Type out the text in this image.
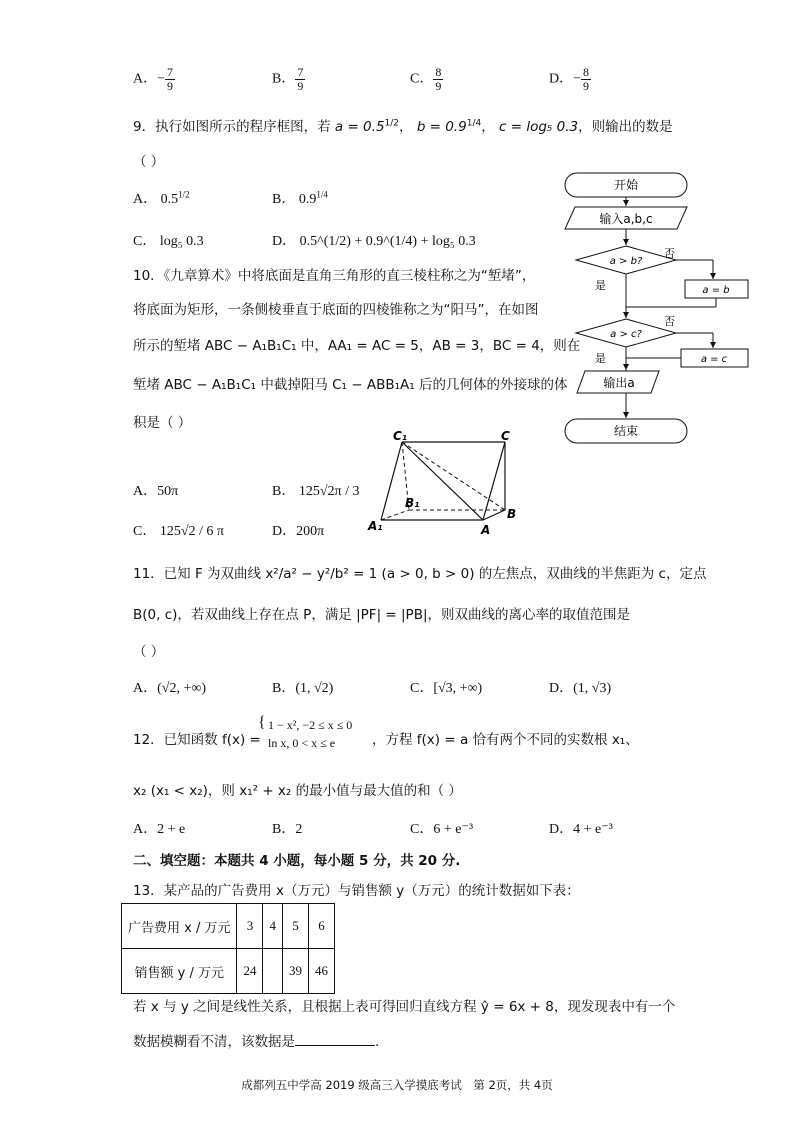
A．− $\frac{7}{9}$	B． $\frac{7}{9}$	C． $\frac{8}{9}$	D．− $\frac{8}{9}$
9．执行如图所示的程序框图，若 $a = 0.5^{1/2}$， $b = 0.9^{1/4}$， c = log₅ 0.3，则输出的数是
（ ）
A． $0.5^{1/2}$	B． $0.9^{1/4}$
C． log₅ 0.3	D． 0.5^(1/2) + 0.9^(1/4) + log₅ 0.3
开始
输入a,b,c
a > b?
否
a = b
是
a > c?
否
a = c
是
输出a
结束
10．《九章算术》中将底面是直角三角形的直三棱柱称之为“堑堵”，
将底面为矩形，一条侧棱垂直于底面的四棱锥称之为“阳马”，在如图
所示的堑堵 ABC − A₁B₁C₁ 中，AA₁ = AC = 5，AB = 3，BC = 4，则在
堑堵 ABC − A₁B₁C₁ 中截掉阳马 C₁ − ABB₁A₁ 后的几何体的外接球的体
积是（ ）
C₁	C
B₁
A₁	A
B
A．50π	B． 125√2π / 3
C． 125√2 / 6 π	D．200π
11．已知 F 为双曲线 x²/a² − y²/b² = 1 (a > 0, b > 0) 的左焦点，双曲线的半焦距为 c，定点
B(0, c)，若双曲线上存在点 P，满足 |PF| = |PB|，则双曲线的离心率的取值范围是
（ ）
A．(√2, +∞)	B．(1, √2)	C．[√3, +∞)	D．(1, √3)
12．已知函数 f(x) =
{ 1 − x², −2 ≤ x ≤ 0
ln x, 0 < x ≤ e	，方程 f(x) = a 恰有两个不同的实数根 x₁、
x₂ (x₁ < x₂)，则 x₁² + x₂ 的最小值与最大值的和（ ）
A．2 + e	B．2	C．6 + e⁻³	D．4 + e⁻³
二、填空题：本题共 4 小题，每小题 5 分，共 20 分.
13．某产品的广告费用 x（万元）与销售额 y（万元）的统计数据如下表：
广告费用 x / 万元	3	4	5	6
销售额 y / 万元	24		39	46
若 x 与 y 之间是线性关系，且根据上表可得回归直线方程 ŷ = 6x + 8，现发现表中有一个
数据模糊看不清，该数据是	.
成都列五中学高 2019 级高三入学摸底考试　第 2页，共 4页
